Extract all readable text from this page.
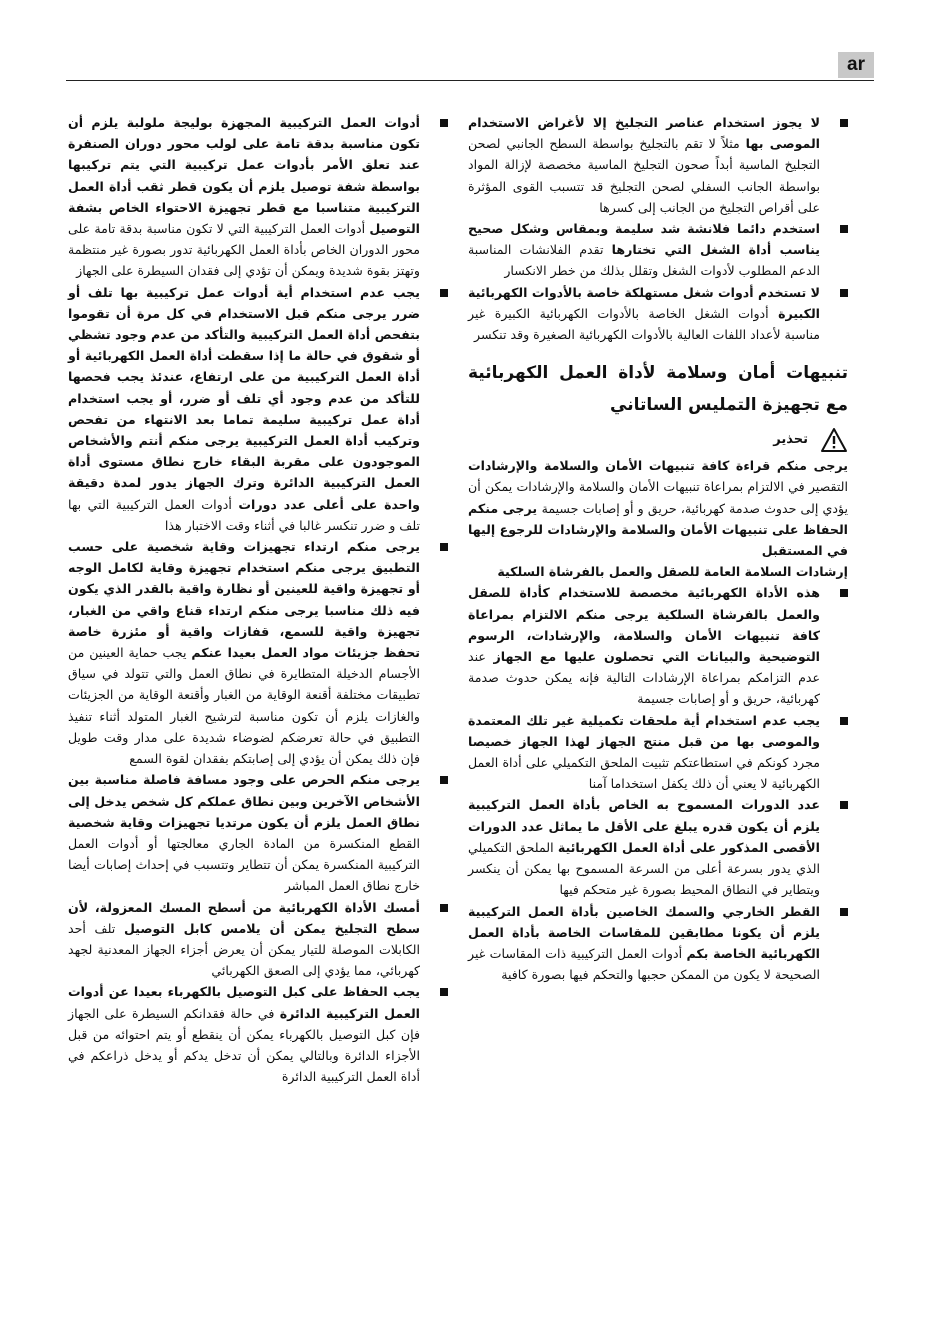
ar

لا يجوز استخدام عناصر التجليخ إلا لأغراض الاستخدام الموصى بها مثلاً لا تقم بالتجليخ بواسطة السطح الجانبي لصحن التجليخ الماسية أبداً صحون التجليخ الماسية مخصصة لإزالة المواد بواسطة الجانب السفلي لصحن التجليخ قد تتسبب القوى المؤثرة على أقراص التجليخ من الجانب إلى كسرها

استخدم دائما فلانشة شد سليمة وبمقاس وشكل صحيح يناسب أداة الشغل التي تختارها تقدم الفلانشات المناسبة الدعم المطلوب لأدوات الشغل وتقلل بذلك من خطر الانكسار

لا تستخدم أدوات شغل مستهلكة خاصة بالأدوات الكهربائية الكبيرة أدوات الشغل الخاصة بالأدوات الكهربائية الكبيرة غير مناسبة لأعداد اللفات العالية بالأدوات الكهربائية الصغيرة وقد تنكسر

تنبيهات أمان وسلامة لأداة العمل الكهربائية مع تجهيزة التمليس الساتاني
تحذير

يرجى منكم قراءة كافة تنبيهات الأمان والسلامة والإرشادات التقصير في الالتزام بمراعاة تنبيهات الأمان والسلامة والإرشادات يمكن أن يؤدي إلى حدوث صدمة كهربائية، حريق و أو إصابات جسيمة يرجى منكم الحفاظ على تنبيهات الأمان والسلامة والإرشادات للرجوع إليها في المستقبل

إرشادات السلامة العامة للصقل والعمل بالفرشاة السلكية

هذه الأداة الكهربائية مخصصة للاستخدام كأداة للصقل والعمل بالفرشاة السلكية يرجى منكم الالتزام بمراعاة كافة تنبيهات الأمان والسلامة، والإرشادات، الرسوم التوضيحية والبيانات التي تحصلون عليها مع الجهاز عند عدم التزامكم بمراعاة الإرشادات التالية فإنه يمكن حدوث صدمة كهربائية، حريق و أو إصابات جسيمة

يجب عدم استخدام أية ملحقات تكميلية غير تلك المعتمدة والموصى بها من قبل منتج الجهاز لهذا الجهاز خصيصا مجرد كونكم في استطاعتكم تثبيت الملحق التكميلي على أداة العمل الكهربائية لا يعني أن ذلك يكفل استخداما آمنا

عدد الدورات المسموح به الخاص بأداة العمل التركيبية يلزم أن يكون قدره يبلغ على الأقل ما يماثل عدد الدورات الأقصى المذكور على أداة العمل الكهربائية الملحق التكميلي الذي يدور بسرعة أعلى من السرعة المسموح بها يمكن أن ينكسر ويتطاير في النطاق المحيط بصورة غير متحكم فيها

القطر الخارجي والسمك الخاصين بأداة العمل التركيبية يلزم أن يكونا مطابقين للمقاسات الخاصة بأداة العمل الكهربائية الخاصة بكم أدوات العمل التركيبية ذات المقاسات غير الصحيحة لا يكون من الممكن حجبها والتحكم فيها بصورة كافية

أدوات العمل التركيبية المجهزة بوليجة ملولبة يلزم أن تكون مناسبة بدقة تامة على لولب محور دوران الصنفرة عند تعلق الأمر بأدوات عمل تركيبية التي يتم تركيبها بواسطة شفة توصيل يلزم أن يكون قطر ثقب أداة العمل التركيبية متناسبا مع قطر تجهيزة الاحتواء الخاص بشفة التوصيل أدوات العمل التركيبية التي لا تكون مناسبة بدقة تامة على محور الدوران الخاص بأداة العمل الكهربائية تدور بصورة غير منتظمة وتهتز بقوة شديدة ويمكن أن تؤدي إلى فقدان السيطرة على الجهاز

يجب عدم استخدام أية أدوات عمل تركيبية بها تلف أو ضرر يرجى منكم قبل الاستخدام في كل مرة أن تقوموا بتفحص أداة العمل التركيبية والتأكد من عدم وجود تشظي أو شقوق في حالة ما إذا سقطت أداة العمل الكهربائية أو أداة العمل التركيبية من على ارتفاع، عندئذ يجب فحصها للتأكد من عدم وجود أي تلف أو ضرر، أو يجب استخدام أداة عمل تركيبية سليمة تماما بعد الانتهاء من تفحص وتركيب أداة العمل التركيبية يرجى منكم أنتم والأشخاص الموجودون على مقربة البقاء خارج نطاق مستوى أداة العمل التركيبية الدائرة وترك الجهاز يدور لمدة دقيقة واحدة على أعلى عدد دورات أدوات العمل التركيبية التي بها تلف و ضرر تنكسر غالبا في أثناء وقت الاختبار هذا

يرجى منكم ارتداء تجهيزات وقاية شخصية على حسب التطبيق يرجى منكم استخدام تجهيزة وقاية لكامل الوجه أو تجهيزة واقية للعينين أو نظارة واقية بالقدر الذي يكون فيه ذلك مناسبا يرجى منكم ارتداء قناع واقي من الغبار، تجهيزة واقية للسمع، قفازات واقية أو مئزرة خاصة تحفظ جزيئات مواد العمل بعيدا عنكم يجب حماية العينين من الأجسام الدخيلة المتطايرة في نطاق العمل والتي تتولد في سياق تطبيقات مختلفة أقنعة الوقاية من الغبار وأقنعة الوقاية من الجزيئات والغازات يلزم أن تكون مناسبة لترشيح الغبار المتولد أثناء تنفيذ التطبيق في حالة تعرضكم لضوضاء شديدة على مدار وقت طويل فإن ذلك يمكن أن يؤدي إلى إصابتكم بفقدان لقوة السمع

يرجى منكم الحرص على وجود مسافة فاصلة مناسبة بين الأشخاص الآخرين وبين نطاق عملكم كل شخص يدخل إلى نطاق العمل يلزم أن يكون مرتديا تجهيزات وقاية شخصية القطع المنكسرة من المادة الجاري معالجتها أو أدوات العمل التركيبية المنكسرة يمكن أن تتطاير وتتسبب في إحداث إصابات أيضا خارج نطاق العمل المباشر

أمسك الأداة الكهربائية من أسطح المسك المعزولة، لأن سطح التجليخ يمكن أن يلامس كابل التوصيل تلف أحد الكابلات الموصلة للتيار يمكن أن يعرض أجزاء الجهاز المعدنية لجهد كهربائي، مما يؤدي إلى الصعق الكهربائي

يجب الحفاظ على كبل التوصيل بالكهرباء بعيدا عن أدوات العمل التركيبية الدائرة في حالة فقدانكم السيطرة على الجهاز فإن كبل التوصيل بالكهرباء يمكن أن ينقطع أو يتم احتوائه من قبل الأجزاء الدائرة وبالتالي يمكن أن تدخل يدكم أو يدخل ذراعكم في أداة العمل التركيبية الدائرة
